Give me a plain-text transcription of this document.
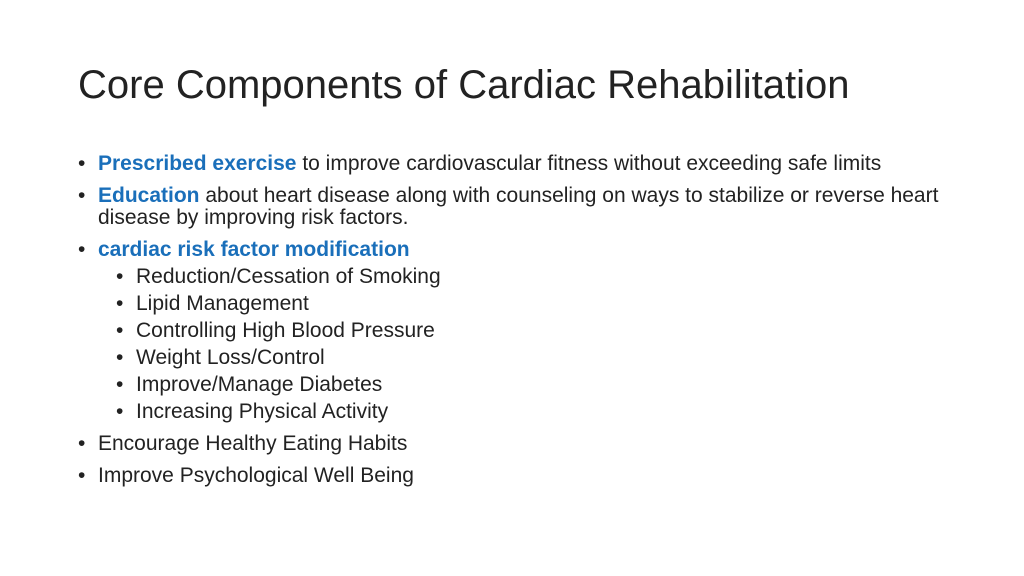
Core Components of Cardiac Rehabilitation
• Prescribed exercise to improve cardiovascular fitness without exceeding safe limits
• Education about heart disease along with counseling on ways to stabilize or reverse heart disease by improving risk factors.
• cardiac risk factor modification
• Reduction/Cessation of Smoking
• Lipid Management
• Controlling High Blood Pressure
• Weight Loss/Control
• Improve/Manage Diabetes
• Increasing Physical Activity
• Encourage Healthy Eating Habits
• Improve Psychological Well Being
